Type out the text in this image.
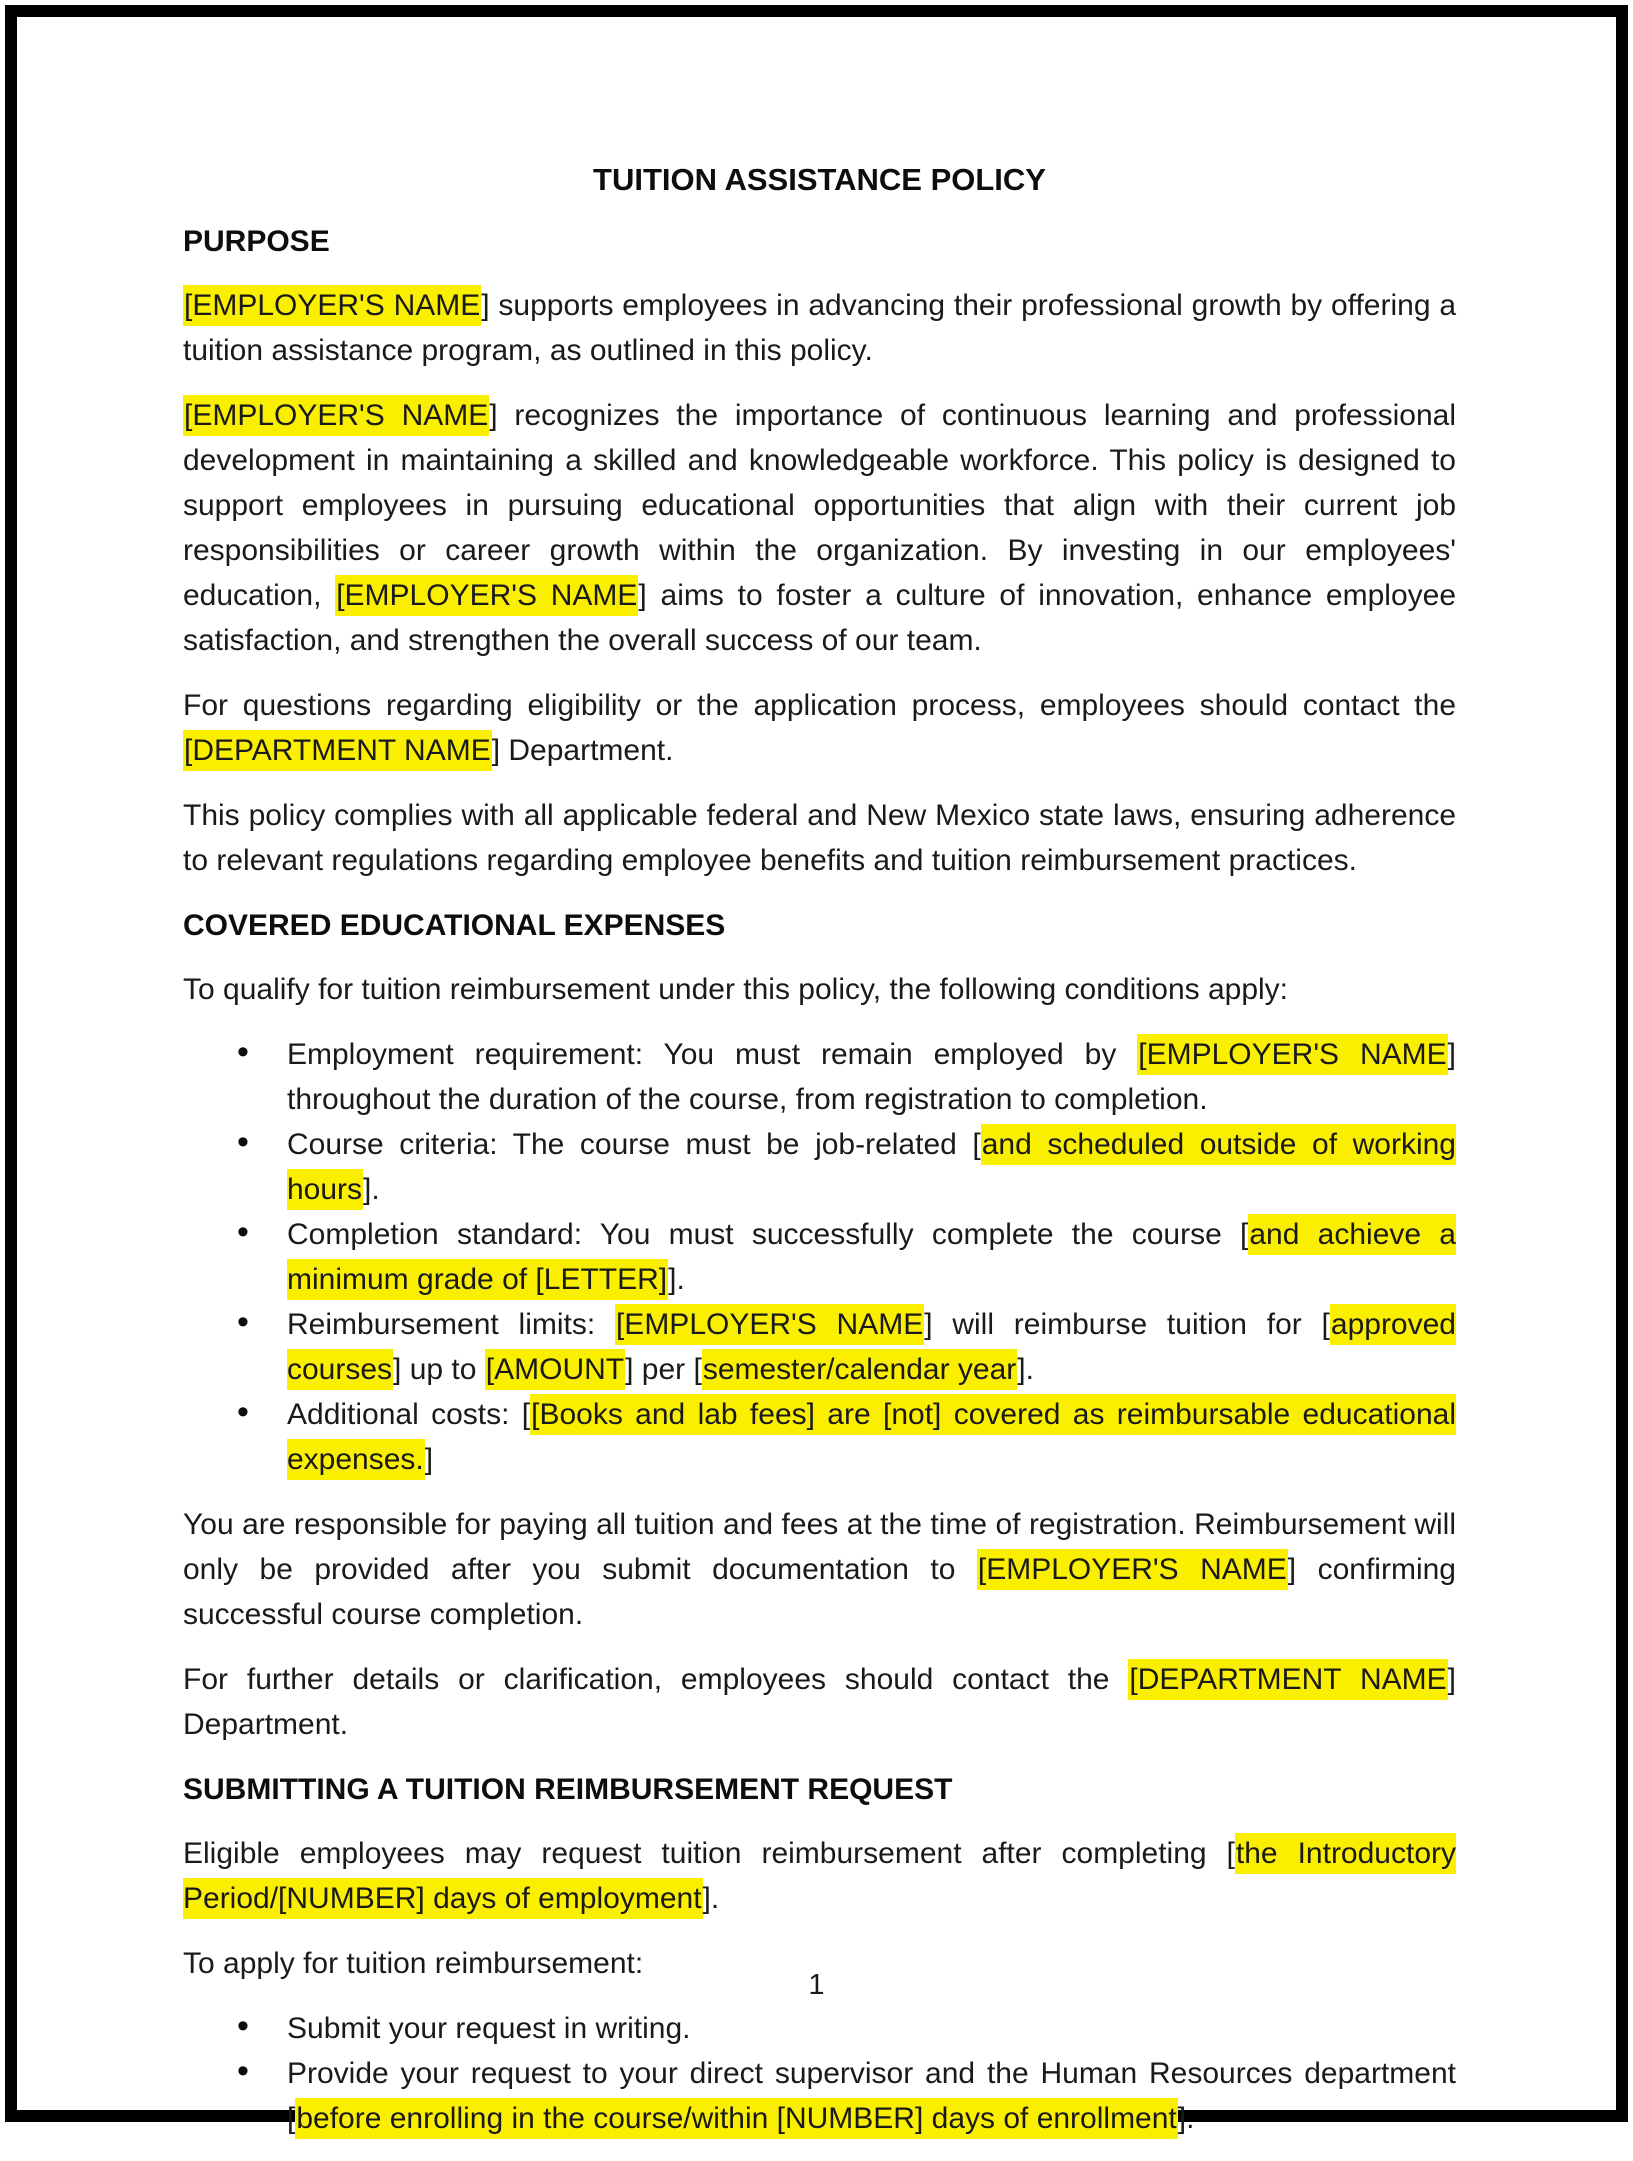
TUITION ASSISTANCE POLICY
PURPOSE

[EMPLOYER'S NAME] supports employees in advancing their professional growth by offering a tuition assistance program, as outlined in this policy.

[EMPLOYER'S NAME] recognizes the importance of continuous learning and professional development in maintaining a skilled and knowledgeable workforce. This policy is designed to support employees in pursuing educational opportunities that align with their current job responsibilities or career growth within the organization. By investing in our employees' education, [EMPLOYER'S NAME] aims to foster a culture of innovation, enhance employee satisfaction, and strengthen the overall success of our team.

For questions regarding eligibility or the application process, employees should contact the [DEPARTMENT NAME] Department.

This policy complies with all applicable federal and New Mexico state laws, ensuring adherence to relevant regulations regarding employee benefits and tuition reimbursement practices.

COVERED EDUCATIONAL EXPENSES

To qualify for tuition reimbursement under this policy, the following conditions apply:

• Employment requirement: You must remain employed by [EMPLOYER'S NAME] throughout the duration of the course, from registration to completion.
• Course criteria: The course must be job-related [and scheduled outside of working hours].
• Completion standard: You must successfully complete the course [and achieve a minimum grade of [LETTER]].
• Reimbursement limits: [EMPLOYER'S NAME] will reimburse tuition for [approved courses] up to [AMOUNT] per [semester/calendar year].
• Additional costs: [[Books and lab fees] are [not] covered as reimbursable educational expenses.]

You are responsible for paying all tuition and fees at the time of registration. Reimbursement will only be provided after you submit documentation to [EMPLOYER'S NAME] confirming successful course completion.

For further details or clarification, employees should contact the [DEPARTMENT NAME] Department.

SUBMITTING A TUITION REIMBURSEMENT REQUEST

Eligible employees may request tuition reimbursement after completing [the Introductory Period/[NUMBER] days of employment].

To apply for tuition reimbursement:

• Submit your request in writing.
• Provide your request to your direct supervisor and the Human Resources department [before enrolling in the course/within [NUMBER] days of enrollment].
1
